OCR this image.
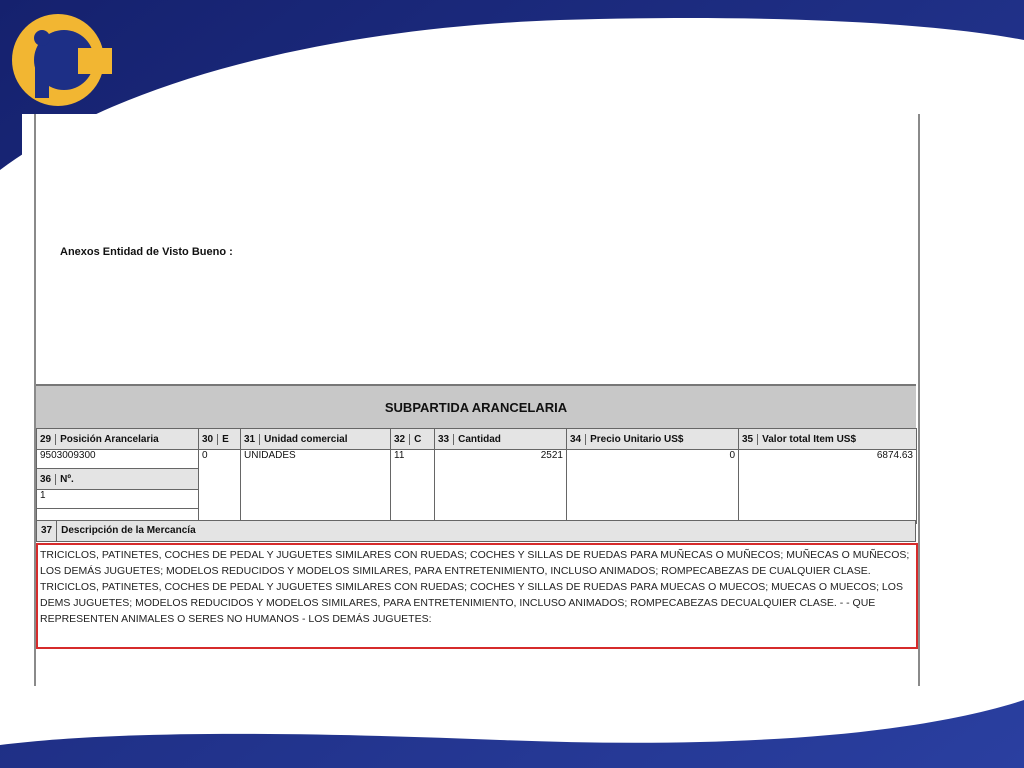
Anexos Entidad de Visto Bueno :
SUBPARTIDA ARANCELARIA
29 Posición Arancelaria	30 E	31 Unidad comercial	32 C	33 Cantidad	34 Precio Unitario US$	35 Valor total Item US$
9503009300	0	UNIDADES	11	2521	0	6874.63
36 Nº.						
1						

37 Descripción de la Mercancía
TRICICLOS, PATINETES, COCHES DE PEDAL Y JUGUETES SIMILARES CON RUEDAS; COCHES Y SILLAS DE RUEDAS PARA MUÑECAS O MUÑECOS; MUÑECAS O MUÑECOS; LOS DEMÁS JUGUETES; MODELOS REDUCIDOS Y MODELOS SIMILARES, PARA ENTRETENIMIENTO, INCLUSO ANIMADOS; ROMPECABEZAS DE CUALQUIER CLASE. TRICICLOS, PATINETES, COCHES DE PEDAL Y JUGUETES SIMILARES CON RUEDAS; COCHES Y SILLAS DE RUEDAS PARA MUECAS O MUECOS; MUECAS O MUECOS; LOS DEMS JUGUETES; MODELOS REDUCIDOS Y MODELOS SIMILARES, PARA ENTRETENIMIENTO, INCLUSO ANIMADOS; ROMPECABEZAS DECUALQUIER CLASE. - - QUE REPRESENTEN ANIMALES O SERES NO HUMANOS - LOS DEMÁS JUGUETES:
